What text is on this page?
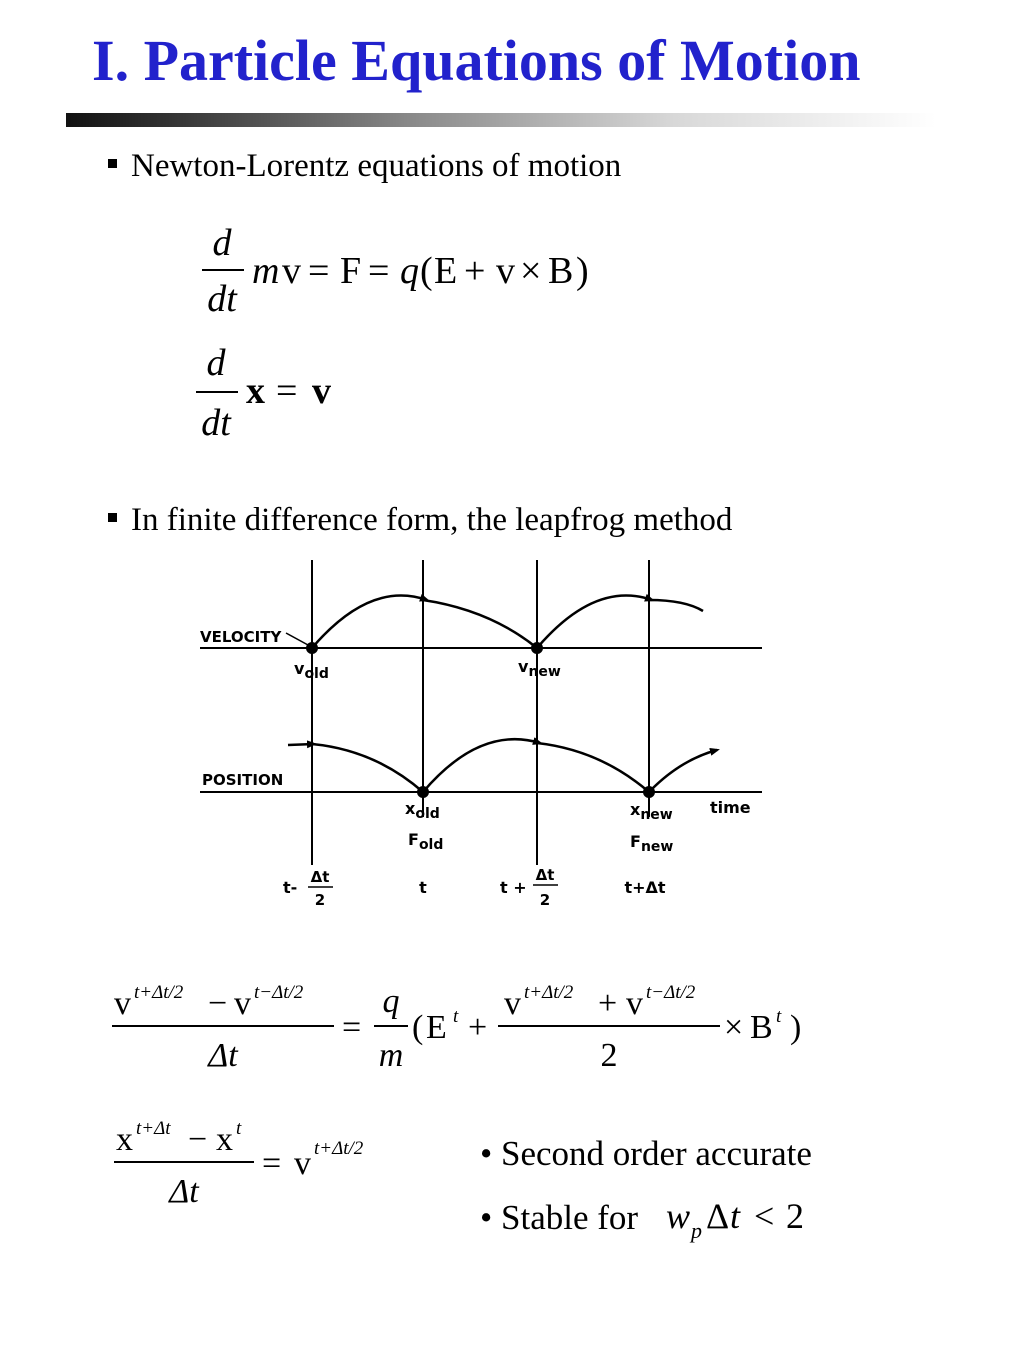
I. Particle Equations of Motion
Newton-Lorentz equations of motion
d
dt
m v = F = q ( E + v × B )
d
dt
x = v
In finite difference form, the leapfrog method
VELOCITY
POSITION
time
vold	vnew
xold	xnew
Fold	Fnew
t-
Δt
2
t	t +
Δt
2
t+Δt
v t+Δt/2 − v t−Δt/2
Δt
=
q
m
( E t +
v t+Δt/2 + v t−Δt/2
2
× B t )
x t+Δt − x t
Δt
= v t+Δt/2	• Second order accurate
• Stable for w p Δ t < 2
